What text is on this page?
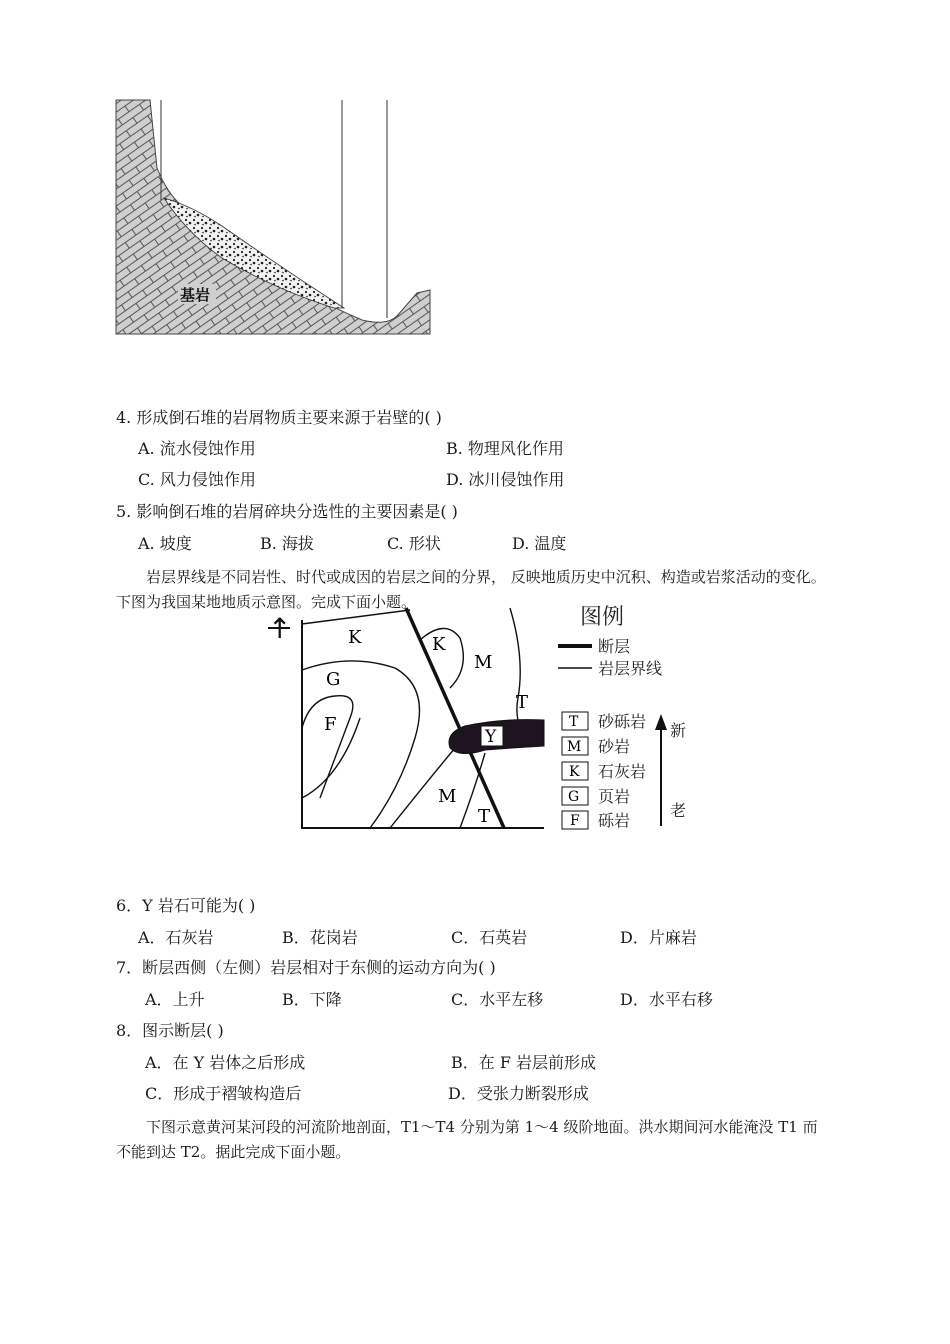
基岩
4. 形成倒石堆的岩屑物质主要来源于岩壁的( )
A. 流水侵蚀作用	B. 物理风化作用
C. 风力侵蚀作用	D. 冰川侵蚀作用
5. 影响倒石堆的岩屑碎块分选性的主要因素是( )
A. 坡度	B. 海拔	C. 形状	D. 温度
岩层界线是不同岩性、时代或成因的岩层之间的分界， 反映地质历史中沉积、构造或岩浆活动的变化。下图为我国某地地质示意图。完成下面小题。
↑	K	K
M
T
G
F
Y
M
T
图例
断层
岩层界线
T 砂砾岩
M 砂岩
K 石灰岩
G 页岩
F 砾岩
新
老
6．Y 岩石可能为( )
A．石灰岩	B．花岗岩	C．石英岩	D．片麻岩
7．断层西侧（左侧）岩层相对于东侧的运动方向为( )
A．上升	B．下降	C．水平左移	D．水平右移
8．图示断层( )
A．在 Y 岩体之后形成	B．在 F 岩层前形成
C．形成于褶皱构造后	D．受张力断裂形成
下图示意黄河某河段的河流阶地剖面，T1～T4 分别为第 1～4 级阶地面。洪水期间河水能淹没 T1 而不能到达 T2。据此完成下面小题。
